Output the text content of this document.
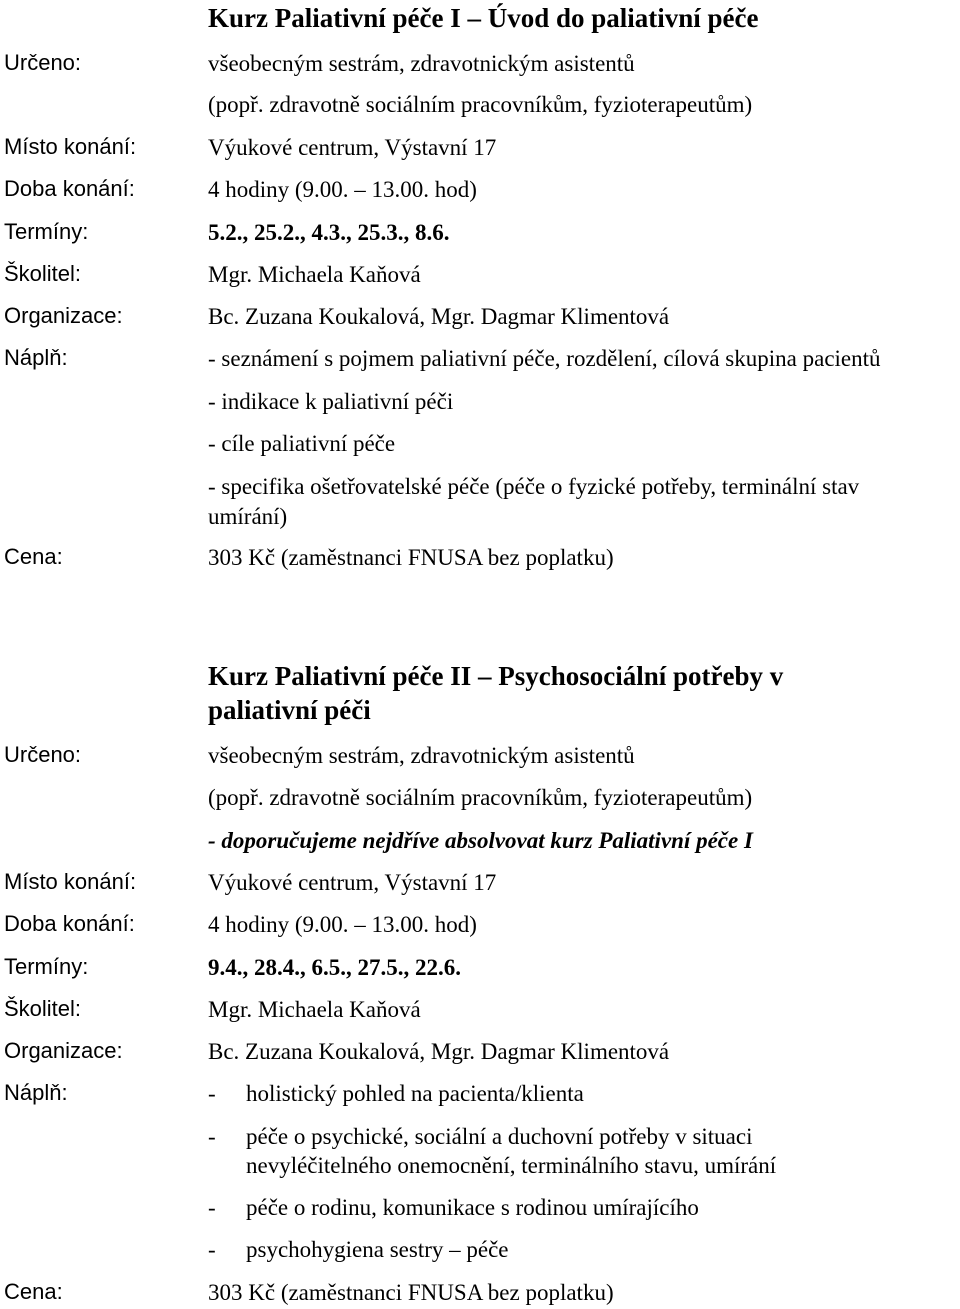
Kurz Paliativní péče I – Úvod do paliativní péče
Určeno:	všeobecným sestrám, zdravotnickým asistentů
(popř. zdravotně sociálním pracovníkům, fyzioterapeutům)
Místo konání:	Výukové centrum, Výstavní 17
Doba konání:	4 hodiny (9.00. – 13.00. hod)
Termíny:	5.2., 25.2., 4.3., 25.3., 8.6.
Školitel:	Mgr. Michaela Kaňová
Organizace:	Bc. Zuzana Koukalová, Mgr. Dagmar Klimentová
Náplň:	- seznámení s pojmem paliativní péče, rozdělení, cílová skupina pacientů
- indikace k paliativní péči
- cíle paliativní péče
- specifika ošetřovatelské péče (péče o fyzické potřeby, terminální stav
umírání)
Cena:	303 Kč (zaměstnanci FNUSA bez poplatku)
Kurz Paliativní péče II – Psychosociální potřeby v
paliativní péči
Určeno:	všeobecným sestrám, zdravotnickým asistentů
(popř. zdravotně sociálním pracovníkům, fyzioterapeutům)
- doporučujeme nejdříve absolvovat kurz Paliativní péče I
Místo konání:	Výukové centrum, Výstavní 17
Doba konání:	4 hodiny (9.00. – 13.00. hod)
Termíny:	9.4., 28.4., 6.5., 27.5., 22.6.
Školitel:	Mgr. Michaela Kaňová
Organizace:	Bc. Zuzana Koukalová, Mgr. Dagmar Klimentová
Náplň:	- holistický pohled na pacienta/klienta
- péče o psychické, sociální a duchovní potřeby v situaci
nevyléčitelného onemocnění, terminálního stavu, umírání
- péče o rodinu, komunikace s rodinou umírajícího
- psychohygiena sestry – péče
Cena:	303 Kč (zaměstnanci FNUSA bez poplatku)
